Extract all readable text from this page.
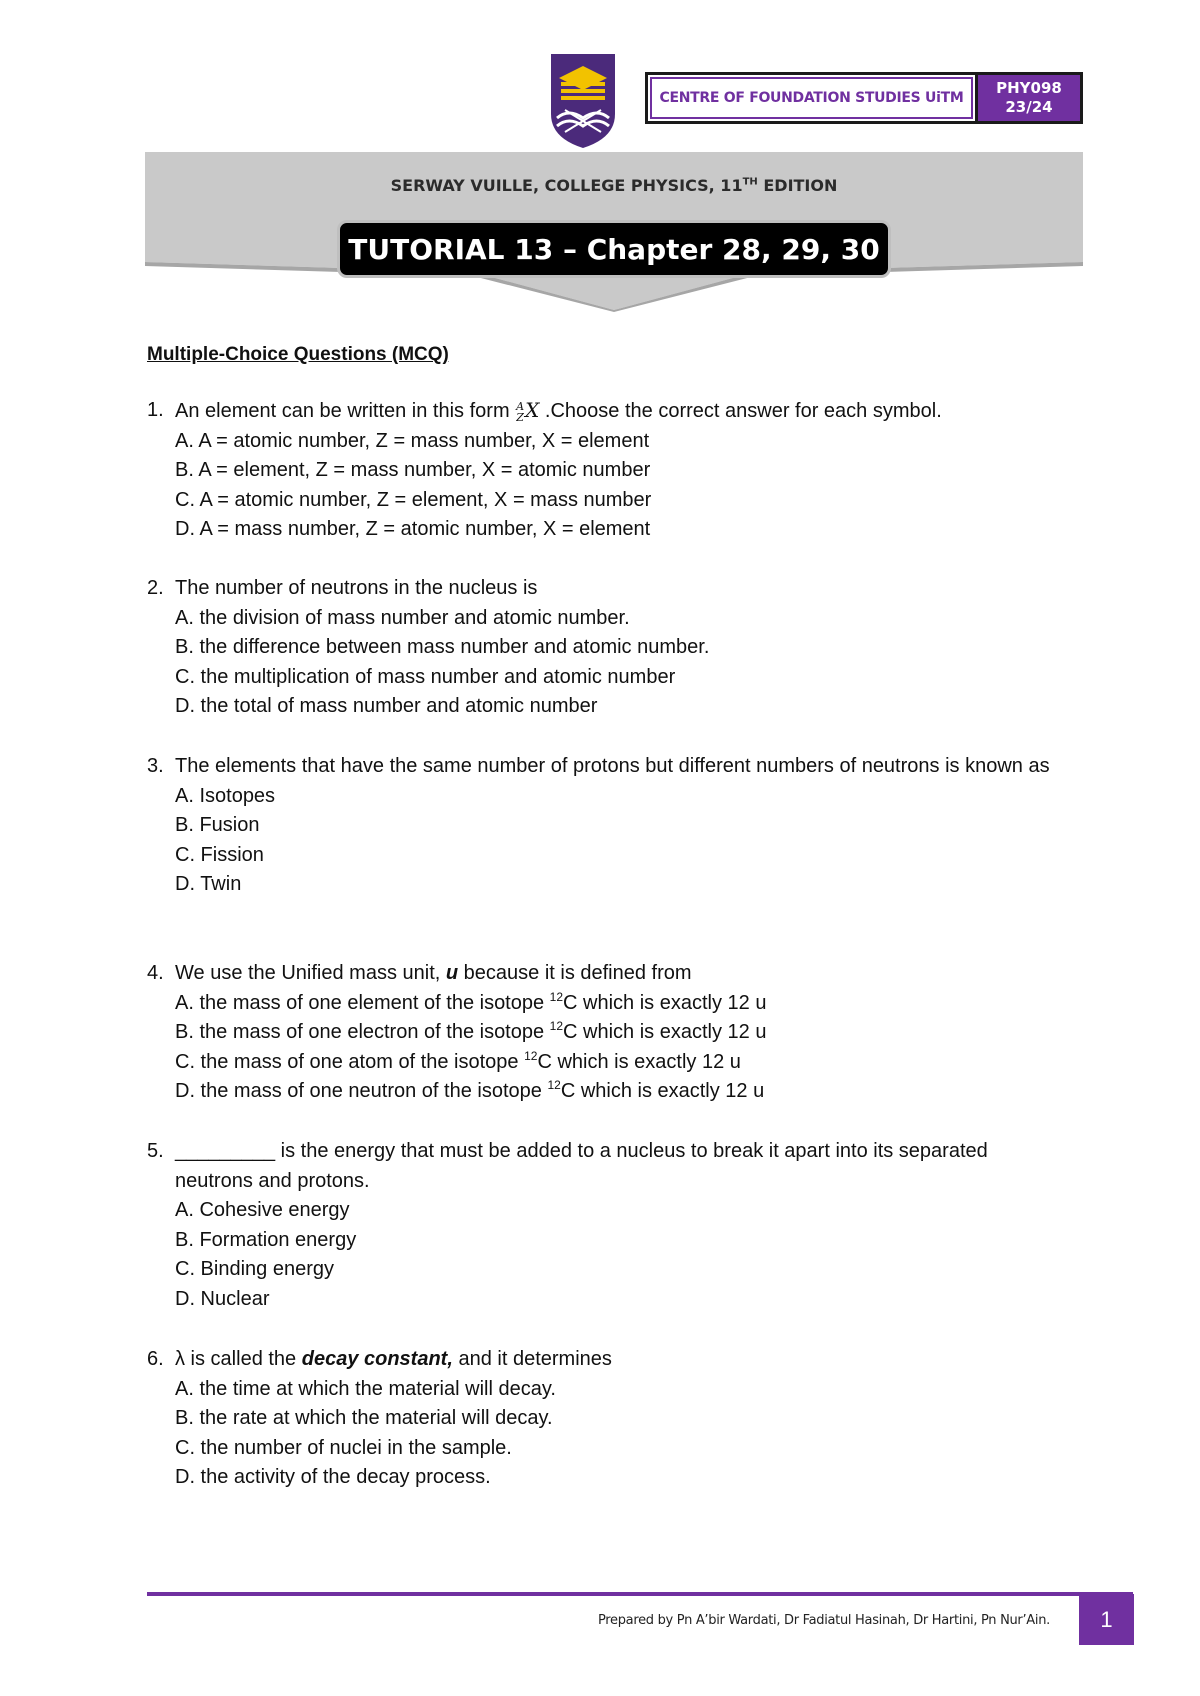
CENTRE OF FOUNDATION STUDIES UiTM
PHY098
23/24
SERWAY VUILLE, COLLEGE PHYSICS, 11TH EDITION
TUTORIAL 13 – Chapter 28, 29, 30
Multiple-Choice Questions (MCQ)
1. An element can be written in this form A
Z X .Choose the correct answer for each symbol.
A. A = atomic number, Z = mass number, X = element
B. A = element, Z = mass number, X = atomic number
C. A = atomic number, Z = element, X = mass number
D. A = mass number, Z = atomic number, X = element
2. The number of neutrons in the nucleus is
A. the division of mass number and atomic number.
B. the difference between mass number and atomic number.
C. the multiplication of mass number and atomic number
D. the total of mass number and atomic number
3. The elements that have the same number of protons but different numbers of neutrons is known as
A. Isotopes
B. Fusion
C. Fission
D. Twin
4. We use the Unified mass unit, u because it is defined from
A. the mass of one element of the isotope $^{12}$C which is exactly 12 u
B. the mass of one electron of the isotope $^{12}$C which is exactly 12 u
C. the mass of one atom of the isotope $^{12}$C which is exactly 12 u
D. the mass of one neutron of the isotope $^{12}$C which is exactly 12 u
5. _________ is the energy that must be added to a nucleus to break it apart into its separated neutrons and protons.
A. Cohesive energy
B. Formation energy
C. Binding energy
D. Nuclear
6. λ is called the decay constant, and it determines
A. the time at which the material will decay.
B. the rate at which the material will decay.
C. the number of nuclei in the sample.
D. the activity of the decay process.
Prepared by Pn A’bir Wardati, Dr Fadiatul Hasinah, Dr Hartini, Pn Nur’Ain.	1
